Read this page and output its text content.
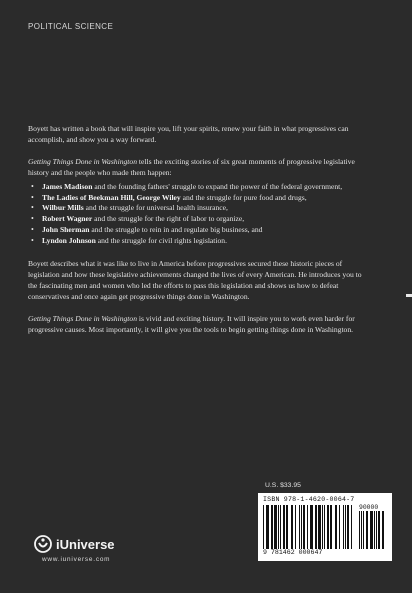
POLITICAL SCIENCE

Boyett has written a book that will inspire you, lift your spirits, renew your faith in what progressives can accomplish, and show you a way forward.

Getting Things Done in Washington tells the exciting stories of six great moments of progressive legislative history and the people who made them happen:

• James Madison and the founding fathers' struggle to expand the power of the federal government,
• The Ladies of Beekman Hill, George Wiley and the struggle for pure food and drugs,
• Wilbur Mills and the struggle for universal health insurance,
• Robert Wagner and the struggle for the right of labor to organize,
• John Sherman and the struggle to rein in and regulate big business, and
• Lyndon Johnson and the struggle for civil rights legislation.

Boyett describes what it was like to live in America before progressives secured these historic pieces of legislation and how these legislative achievements changed the lives of every American. He introduces you to the fascinating men and women who led the efforts to pass this legislation and shows us how to defeat conservatives and once again get progressive things done in Washington.

Getting Things Done in Washington is vivid and exciting history. It will inspire you to work even harder for progressive causes. Most importantly, it will give you the tools to begin getting things done in Washington.

U.S. $33.95
ISBN 978-1-4620-0064-7
90000
9 781462 000647
iUniverse
www.iuniverse.com
